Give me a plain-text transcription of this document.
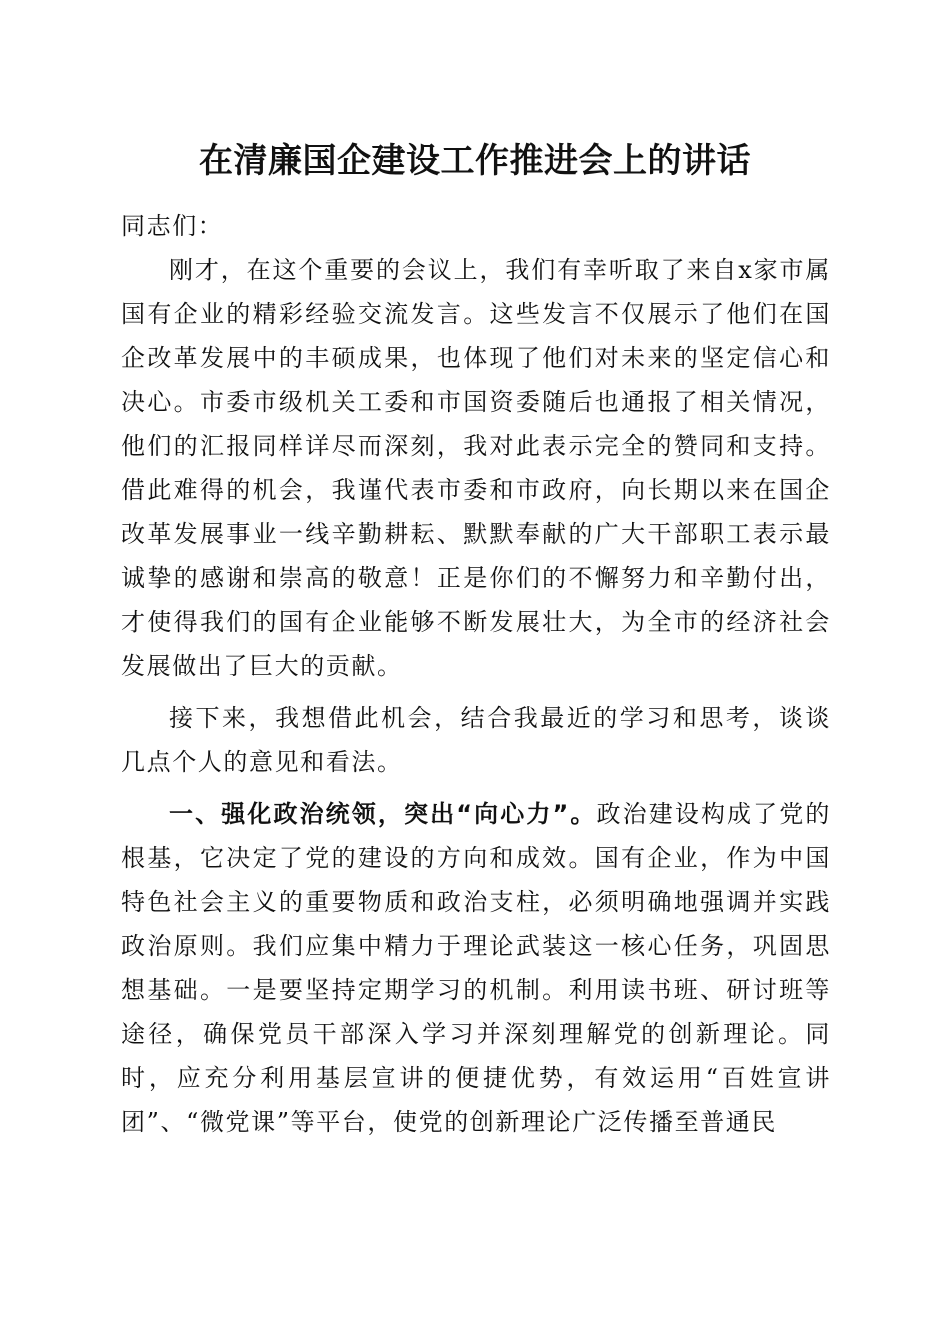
在清廉国企建设工作推进会上的讲话

同志们：

刚才，在这个重要的会议上，我们有幸听取了来自x家市属国有企业的精彩经验交流发言。这些发言不仅展示了他们在国企改革发展中的丰硕成果，也体现了他们对未来的坚定信心和决心。市委市级机关工委和市国资委随后也通报了相关情况，他们的汇报同样详尽而深刻，我对此表示完全的赞同和支持。借此难得的机会，我谨代表市委和市政府，向长期以来在国企改革发展事业一线辛勤耕耘、默默奉献的广大干部职工表示最诚挚的感谢和崇高的敬意！正是你们的不懈努力和辛勤付出，才使得我们的国有企业能够不断发展壮大，为全市的经济社会发展做出了巨大的贡献。

接下来，我想借此机会，结合我最近的学习和思考，谈谈几点个人的意见和看法。

一、强化政治统领，突出“向心力”。政治建设构成了党的根基，它决定了党的建设的方向和成效。国有企业，作为中国特色社会主义的重要物质和政治支柱，必须明确地强调并实践政治原则。我们应集中精力于理论武装这一核心任务，巩固思想基础。一是要坚持定期学习的机制。利用读书班、研讨班等途径，确保党员干部深入学习并深刻理解党的创新理论。同时，应充分利用基层宣讲的便捷优势，有效运用“百姓宣讲团”、“微党课”等平台，使党的创新理论广泛传播至普通民
